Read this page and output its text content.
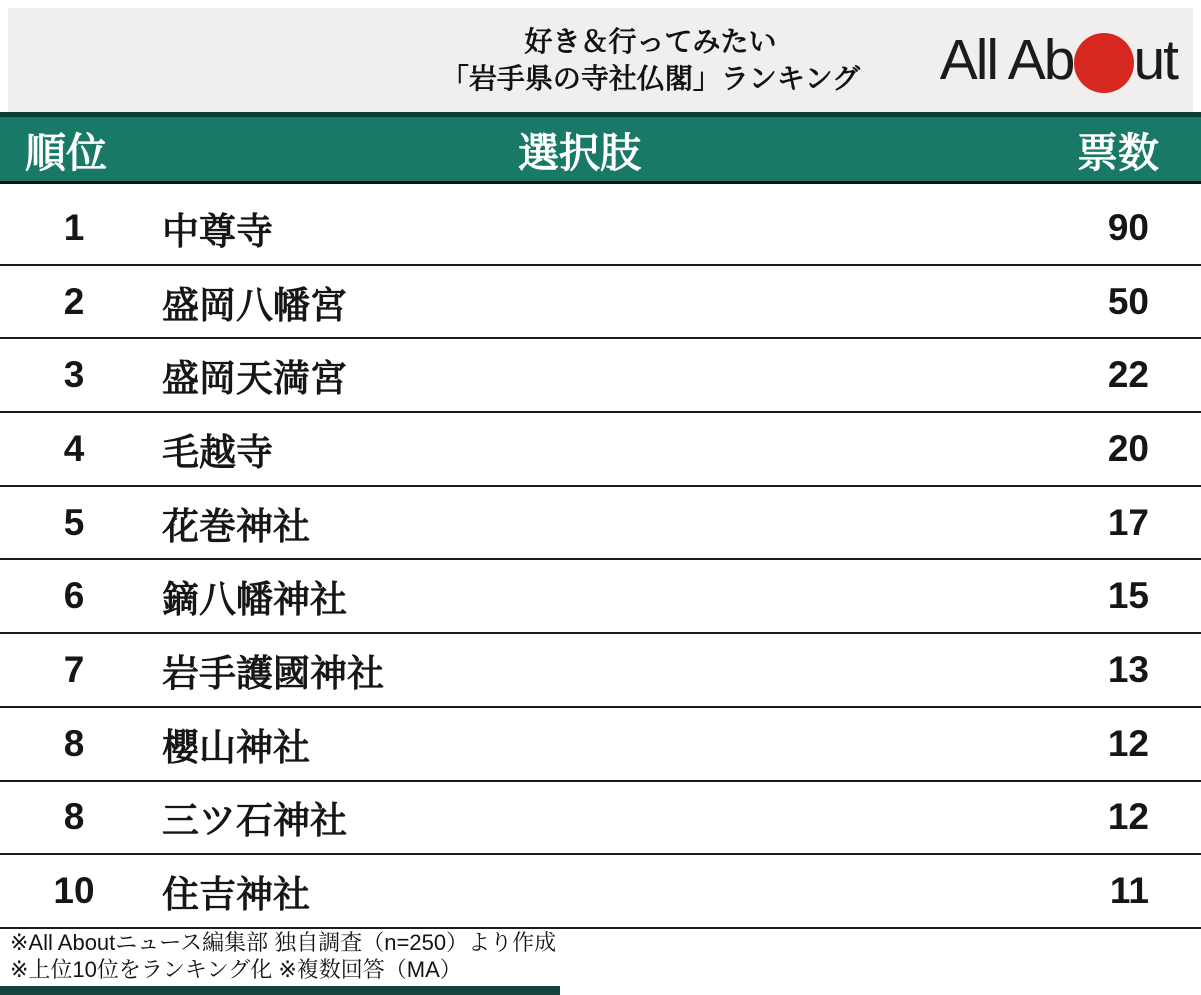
好き＆行ってみたい
「岩手県の寺社仏閣」ランキング	All Ab ut
順位	選択肢	票数
1	中尊寺	90
2	盛岡八幡宮	50
3	盛岡天満宮	22
4	毛越寺	20
5	花巻神社	17
6	鏑八幡神社	15
7	岩手護國神社	13
8	櫻山神社	12
8	三ツ石神社	12
10	住吉神社	11
※All Aboutニュース編集部 独自調査（n=250）より作成
※上位10位をランキング化 ※複数回答（MA）
